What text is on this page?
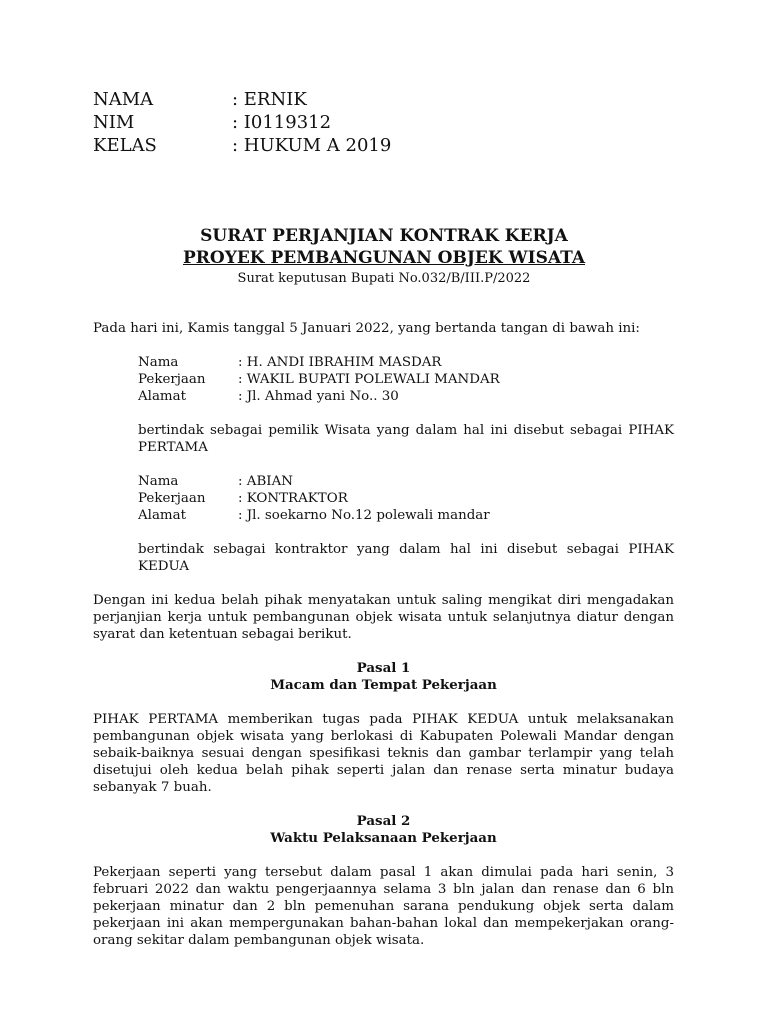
NAMA	: ERNIK
NIM	: I0119312
KELAS	: HUKUM A 2019
SURAT PERJANJIAN KONTRAK KERJA
PROYEK PEMBANGUNAN OBJEK WISATA
Surat keputusan Bupati No.032/B/III.P/2022

Pada hari ini, Kamis tanggal 5 Januari 2022, yang bertanda tangan di bawah ini:

Nama	: H. ANDI IBRAHIM MASDAR
Pekerjaan	: WAKIL BUPATI POLEWALI MANDAR
Alamat	: Jl. Ahmad yani No.. 30

bertindak sebagai pemilik Wisata yang dalam hal ini disebut sebagai PIHAK PERTAMA

Nama	: ABIAN
Pekerjaan	: KONTRAKTOR
Alamat	: Jl. soekarno No.12 polewali mandar

bertindak sebagai kontraktor yang dalam hal ini disebut sebagai PIHAK KEDUA

Dengan ini kedua belah pihak menyatakan untuk saling mengikat diri mengadakan perjanjian kerja untuk pembangunan objek wisata untuk selanjutnya diatur dengan syarat dan ketentuan sebagai berikut.

Pasal 1
Macam dan Tempat Pekerjaan

PIHAK PERTAMA memberikan tugas pada PIHAK KEDUA untuk melaksanakan pembangunan objek wisata yang berlokasi di Kabupaten Polewali Mandar dengan sebaik-baiknya sesuai dengan spesifikasi teknis dan gambar terlampir yang telah disetujui oleh kedua belah pihak seperti jalan dan renase serta minatur budaya sebanyak 7 buah.

Pasal 2
Waktu Pelaksanaan Pekerjaan

Pekerjaan seperti yang tersebut dalam pasal 1 akan dimulai pada hari senin, 3 februari 2022 dan waktu pengerjaannya selama 3 bln jalan dan renase dan 6 bln pekerjaan minatur dan 2 bln pemenuhan sarana pendukung objek serta dalam pekerjaan ini akan mempergunakan bahan-bahan lokal dan mempekerjakan orang-orang sekitar dalam pembangunan objek wisata.
